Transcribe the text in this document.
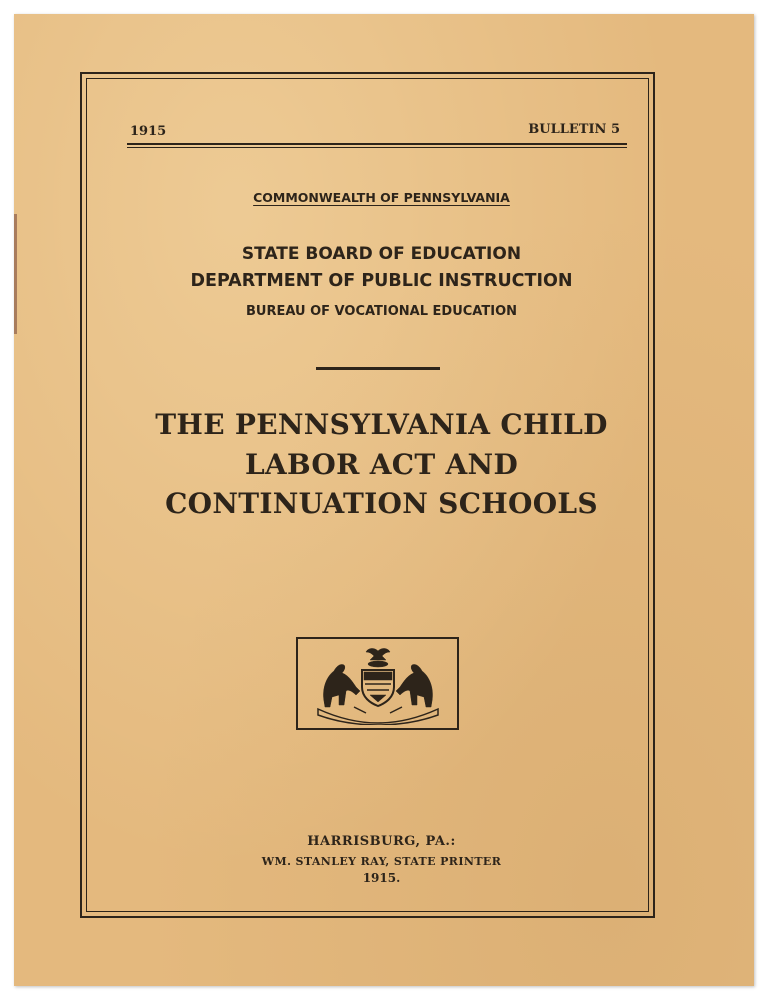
1915	BULLETIN 5
COMMONWEALTH OF PENNSYLVANIA
STATE BOARD OF EDUCATION
DEPARTMENT OF PUBLIC INSTRUCTION
BUREAU OF VOCATIONAL EDUCATION
THE PENNSYLVANIA CHILD
LABOR ACT AND
CONTINUATION SCHOOLS
HARRISBURG, PA.:
WM. STANLEY RAY, STATE PRINTER
1915.
